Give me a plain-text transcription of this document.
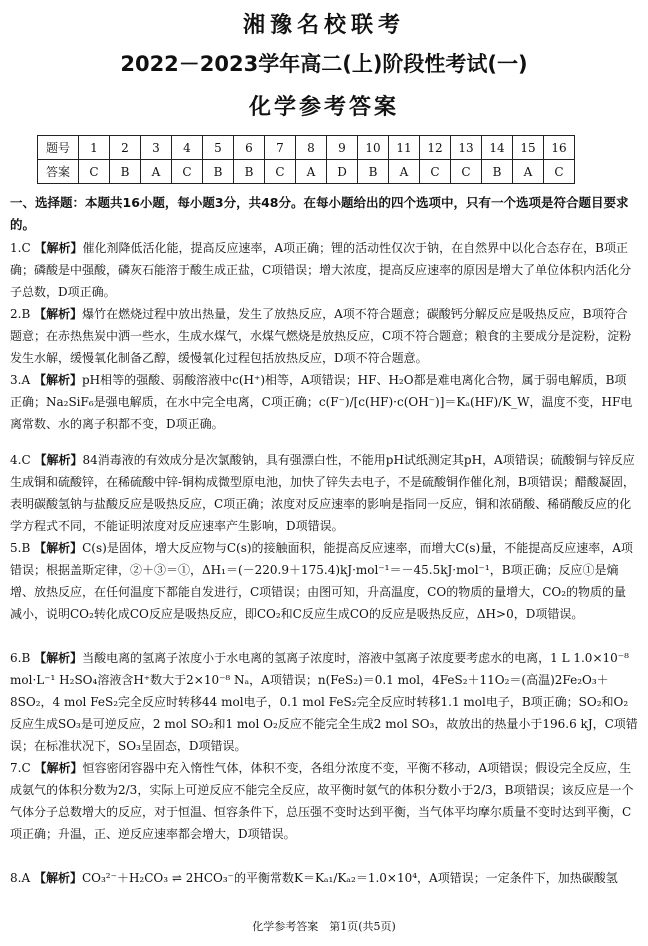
湘豫名校联考
2022－2023学年高二(上)阶段性考试(一)
化学参考答案
题号	1	2	3	4	5	6	7	8	9	10	11	12	13	14	15	16
答案	C	B	A	C	B	B	C	A	D	B	A	C	C	B	A	C
一、选择题：本题共16小题，每小题3分，共48分。在每小题给出的四个选项中，只有一个选项是符合题目要求的。
1.C 【解析】催化剂降低活化能，提高反应速率，A项正确；锂的活动性仅次于钠，在自然界中以化合态存在，B项正确；磷酸是中强酸，磷灰石能溶于酸生成正盐，C项错误；增大浓度，提高反应速率的原因是增大了单位体积内活化分子总数，D项正确。
2.B 【解析】爆竹在燃烧过程中放出热量，发生了放热反应，A项不符合题意；碳酸钙分解反应是吸热反应，B项符合题意；在赤热焦炭中洒一些水，生成水煤气，水煤气燃烧是放热反应，C项不符合题意；粮食的主要成分是淀粉，淀粉发生水解，缓慢氧化制备乙醇，缓慢氧化过程包括放热反应，D项不符合题意。
3.A 【解析】pH相等的强酸、弱酸溶液中c(H⁺)相等，A项错误；HF、H₂O都是难电离化合物，属于弱电解质，B项正确；Na₂SiF₆是强电解质，在水中完全电离，C项正确；c(F⁻)/[c(HF)·c(OH⁻)]＝Kₐ(HF)/K_W，温度不变，HF电离常数、水的离子积都不变，D项正确。
4.C 【解析】84消毒液的有效成分是次氯酸钠，具有强漂白性，不能用pH试纸测定其pH，A项错误；硫酸铜与锌反应生成铜和硫酸锌，在稀硫酸中锌-铜构成微型原电池，加快了锌失去电子，不是硫酸铜作催化剂，B项错误；醋酸凝固，表明碳酸氢钠与盐酸反应是吸热反应，C项正确；浓度对反应速率的影响是指同一反应，铜和浓硝酸、稀硝酸反应的化学方程式不同，不能证明浓度对反应速率产生影响，D项错误。
5.B 【解析】C(s)是固体，增大反应物与C(s)的接触面积，能提高反应速率，而增大C(s)量，不能提高反应速率，A项错误；根据盖斯定律，②＋③＝①，ΔH₁＝(－220.9＋175.4)kJ·mol⁻¹＝－45.5kJ·mol⁻¹，B项正确；反应①是熵增、放热反应，在任何温度下都能自发进行，C项错误；由图可知，升高温度，CO的物质的量增大，CO₂的物质的量减小，说明CO₂转化成CO反应是吸热反应，即CO₂和C反应生成CO的反应是吸热反应，ΔH>0，D项错误。
6.B 【解析】当酸电离的氢离子浓度小于水电离的氢离子浓度时，溶液中氢离子浓度要考虑水的电离，1 L 1.0×10⁻⁸ mol·L⁻¹ H₂SO₄溶液含H⁺数大于2×10⁻⁸ Nₐ，A项错误；n(FeS₂)＝0.1 mol，4FeS₂＋11O₂＝(高温)2Fe₂O₃＋8SO₂，4 mol FeS₂完全反应时转移44 mol电子，0.1 mol FeS₂完全反应时转移1.1 mol电子，B项正确；SO₂和O₂反应生成SO₃是可逆反应，2 mol SO₂和1 mol O₂反应不能完全生成2 mol SO₃，故放出的热量小于196.6 kJ，C项错误；在标准状况下，SO₃呈固态，D项错误。
7.C 【解析】恒容密闭容器中充入惰性气体，体积不变，各组分浓度不变，平衡不移动，A项错误；假设完全反应，生成氨气的体积分数为2/3，实际上可逆反应不能完全反应，故平衡时氨气的体积分数小于2/3，B项错误；该反应是一个气体分子总数增大的反应，对于恒温、恒容条件下，总压强不变时达到平衡，当气体平均摩尔质量不变时达到平衡，C项正确；升温，正、逆反应速率都会增大，D项错误。
8.A 【解析】CO₃²⁻＋H₂CO₃ ⇌ 2HCO₃⁻的平衡常数K＝Kₐ₁/Kₐ₂＝1.0×10⁴，A项错误；一定条件下，加热碳酸氢
化学参考答案　第1页(共5页)
